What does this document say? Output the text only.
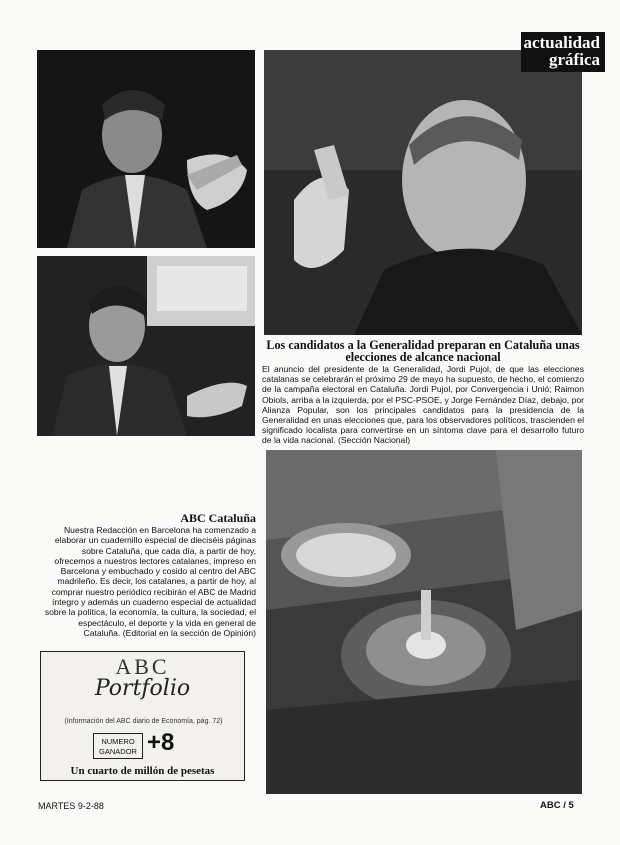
actualidad
gráfica
Los candidatos a la Generalidad preparan en Cataluña unas elecciones de alcance nacional
El anuncio del presidente de la Generalidad, Jordi Pujol, de que las elecciones catalanas se celebrarán el próximo 29 de mayo ha supuesto, de hecho, el comienzo de la campaña electoral en Cataluña. Jordi Pujol, por Convergencia i Unió; Raimon Obiols, arriba a la izquierda, por el PSC-PSOE, y Jorge Fernández Díaz, debajo, por Alianza Popular, son los principales candidatos para la presidencia de la Generalidad en unas elecciones que, para los observadores políticos, trascienden el significado localista para convertirse en un síntoma clave para el desarrollo futuro de la vida nacional. (Sección Nacional)
ABC Cataluña
Nuestra Redacción en Barcelona ha comenzado a elaborar un cuadernillo especial de dieciséis páginas sobre Cataluña, que cada día, a partir de hoy, ofrecemos a nuestros lectores catalanes, impreso en Barcelona y embuchado y cosido al centro del ABC madrileño. Es decir, los catalanes, a partir de hoy, al comprar nuestro periódico recibirán el ABC de Madrid íntegro y además un cuaderno especial de actualidad sobre la política, la economía, la cultura, la sociedad, el espectáculo, el deporte y la vida en general de Cataluña. (Editorial en la sección de Opinión)
ABC
Portfolio
(Información del ABC diario de Economía, pág. 72)
NUMERO
GANADOR +8
Un cuarto de millón de pesetas
MARTES 9-2-88	ABC / 5
